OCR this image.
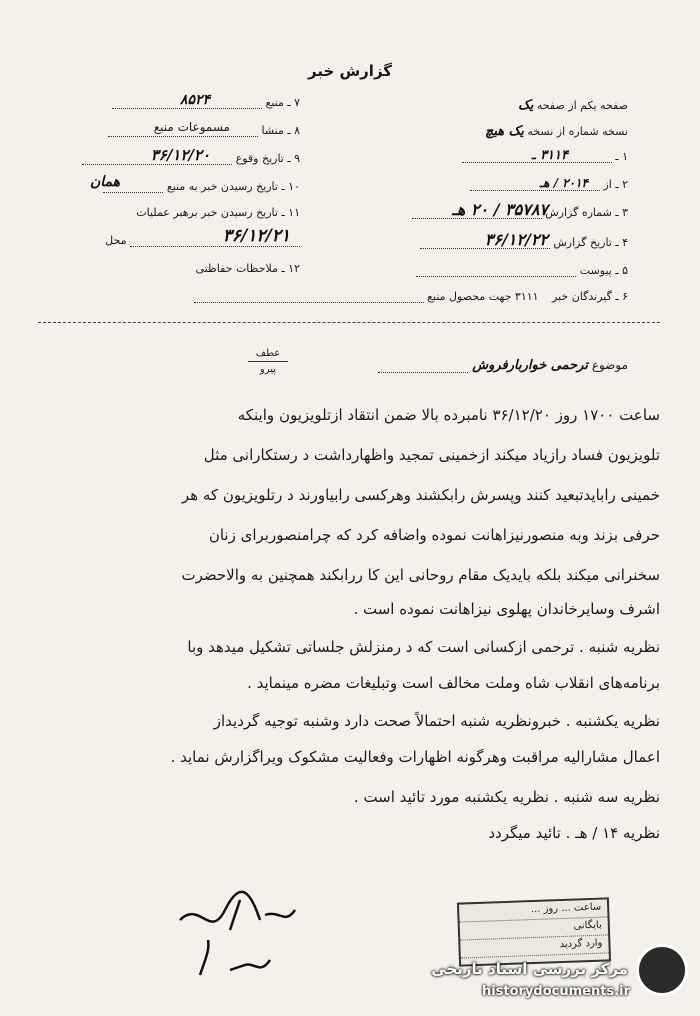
گزارش خبر
صفحه یکم از صفحه یک
نسخه شماره از نسخه یک هیچ
۱ ـ
۳۱۱۴ ـ
۲ ـ از
۲۰۱۴ / هـ
۳ ـ شماره گزارش
۳۵۷۸۷ / ۲۰ هـ
۴ ـ تاریخ گزارش
۳۶/۱۲/۲۲
۵ ـ پیوست
۶ ـ گیرندگان خبر ۳۱۱۱ جهت محصول منبع
۷ ـ منبع
۸۵۲۴
۸ ـ منشا
مسموعات منبع
۹ ـ تاریخ وقوع
۳۶/۱۲/۲۰
۱۰ ـ تاریخ رسیدن خبر به منبع
همان
۱۱ ـ تاریخ رسیدن خبر برهبر عملیات
محل	۳۶/۱۲/۲۱
۱۲ ـ ملاحظات حفاظتی
موضوع ترحمی خواربارفروش
عطف
پیرو
ساعت ۱۷۰۰ روز ۳۶/۱۲/۲۰ نامبرده بالا ضمن انتقاد ازتلویزیون واینکه
تلویزیون فساد رازیاد میکند ازخمینی تمجید واظهارداشت د رستکارانی مثل
خمینی رابایدتبعید کنند وپسرش رابکشند وهرکسی رابیاورند د رتلویزیون که هر
حرفی بزند وبه منصورنیزاهانت نموده واضافه کرد که چرامنصوربرای زنان
سخنرانی میکند بلکه بایدیک مقام روحانی این کا ررابکند همچنین به والاحضرت
اشرف وسایرخاندان پهلوی نیزاهانت نموده است .
نظریه شنبه . ترحمی ازکسانی است که د رمنزلش جلساتی تشکیل میدهد وبا
برنامه‌های انقلاب شاه وملت مخالف است وتبلیغات مضره مینماید .
نظریه یکشنبه . خبرونظریه شنبه احتمالاً صحت دارد وشنبه توجیه گردیداز
اعمال مشارالیه مراقبت وهرگونه اظهارات وفعالیت مشکوک ویراگزارش نماید .
نظریه سه شنبه . نظریه یکشنبه مورد تائید است .
نظریه ۱۴ / هـ . تائید میگردد
ساعت ... روز ...
بایگانی
وارد گردید
مرکز بررسی اسناد تاریخی
historydocuments.ir
